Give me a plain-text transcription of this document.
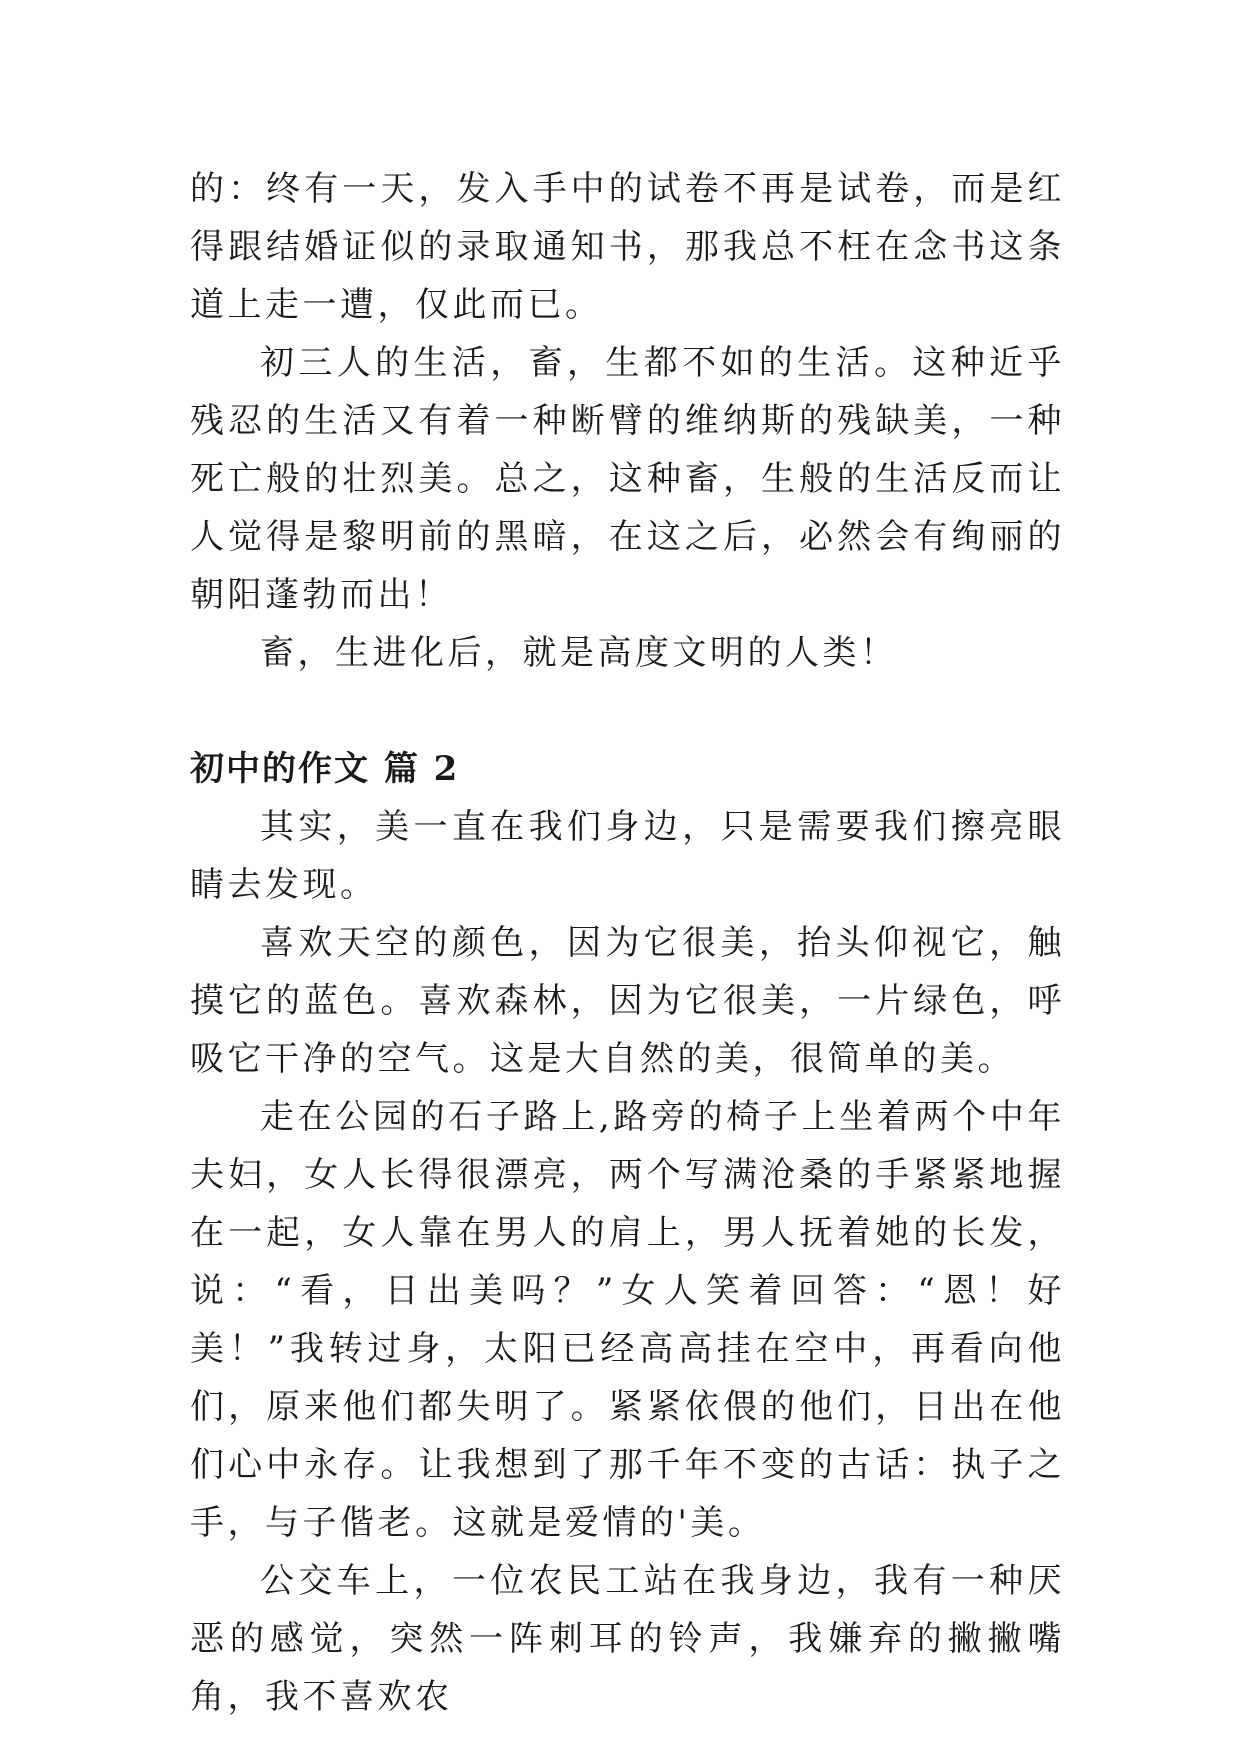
的：终有一天，发入手中的试卷不再是试卷，而是红得跟结婚证似的录取通知书，那我总不枉在念书这条道上走一遭，仅此而已。

初三人的生活，畜，生都不如的生活。这种近乎残忍的生活又有着一种断臂的维纳斯的残缺美，一种死亡般的壮烈美。总之，这种畜，生般的生活反而让人觉得是黎明前的黑暗，在这之后，必然会有绚丽的朝阳蓬勃而出！

畜，生进化后，就是高度文明的人类！

初中的作文 篇 2

其实，美一直在我们身边，只是需要我们擦亮眼睛去发现。

喜欢天空的颜色，因为它很美，抬头仰视它，触摸它的蓝色。喜欢森林，因为它很美，一片绿色，呼吸它干净的空气。这是大自然的美，很简单的美。

走在公园的石子路上,路旁的椅子上坐着两个中年夫妇，女人长得很漂亮，两个写满沧桑的手紧紧地握在一起，女人靠在男人的肩上，男人抚着她的长发，说：“看，日出美吗？”女人笑着回答：“恩！好美！”我转过身，太阳已经高高挂在空中，再看向他们，原来他们都失明了。紧紧依偎的他们，日出在他们心中永存。让我想到了那千年不变的古话：执子之手，与子偕老。这就是爱情的'美。

公交车上，一位农民工站在我身边，我有一种厌恶的感觉，突然一阵刺耳的铃声，我嫌弃的撇撇嘴角，我不喜欢农
